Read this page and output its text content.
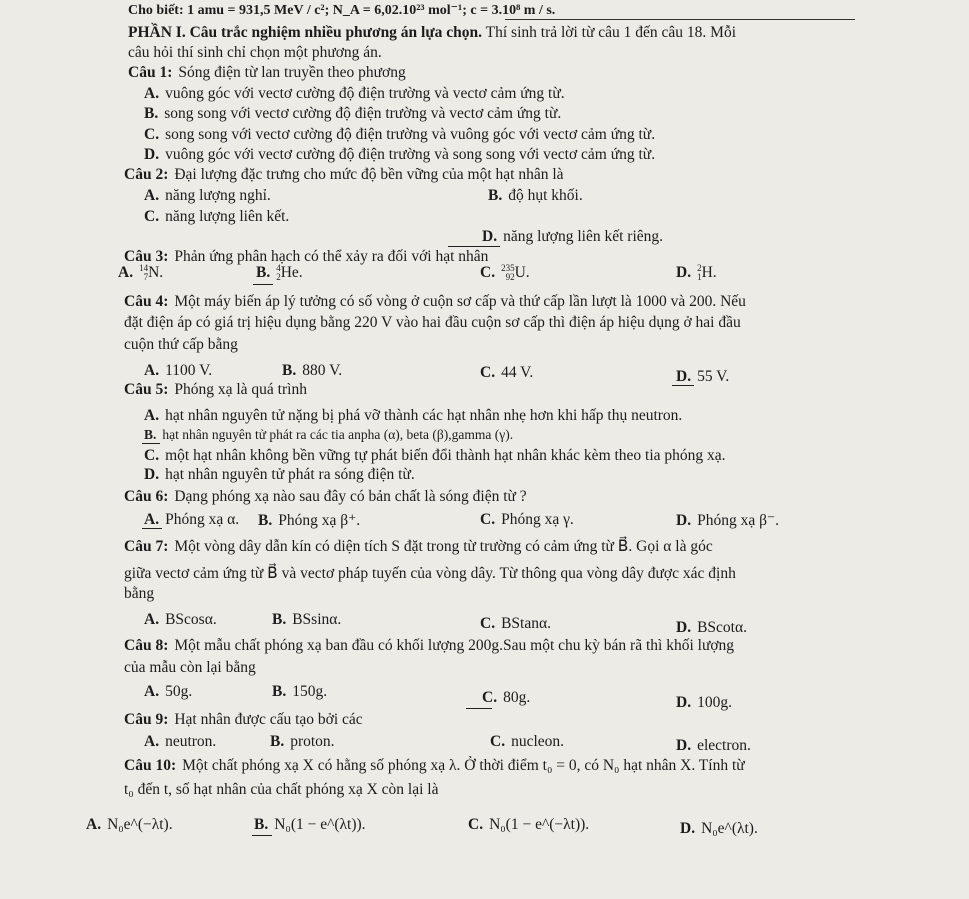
Cho biết: 1 amu = 931,5 MeV / c²; N_A = 6,02.10²³ mol⁻¹; c = 3.10⁸ m / s.
PHẦN I. Câu trắc nghiệm nhiều phương án lựa chọn. Thí sinh trả lời từ câu 1 đến câu 18. Mỗi
câu hỏi thí sinh chỉ chọn một phương án.
Câu 1: Sóng điện từ lan truyền theo phương
A. vuông góc với vectơ cường độ điện trường và vectơ cảm ứng từ.
B. song song với vectơ cường độ điện trường và vectơ cảm ứng từ.
C. song song với vectơ cường độ điện trường và vuông góc với vectơ cảm ứng từ.
D. vuông góc với vectơ cường độ điện trường và song song với vectơ cảm ứng từ.
Câu 2: Đại lượng đặc trưng cho mức độ bền vững của một hạt nhân là
A. năng lượng nghỉ.	B. độ hụt khối.
C. năng lượng liên kết.
D. năng lượng liên kết riêng.
Câu 3: Phản ứng phân hạch có thể xảy ra đối với hạt nhân
A. 14
7N.	B. 4
2He.	C. 235
92U.	D. 2
1H.
Câu 4: Một máy biến áp lý tưởng có số vòng ở cuộn sơ cấp và thứ cấp lần lượt là 1000 và 200. Nếu
đặt điện áp có giá trị hiệu dụng bằng 220 V vào hai đầu cuộn sơ cấp thì điện áp hiệu dụng ở hai đầu
cuộn thứ cấp bằng
A. 1100 V.	B. 880 V.	C. 44 V.	D. 55 V.
Câu 5: Phóng xạ là quá trình
A. hạt nhân nguyên tử nặng bị phá vỡ thành các hạt nhân nhẹ hơn khi hấp thụ neutron.
B. hạt nhân nguyên tử phát ra các tia anpha (α), beta (β),gamma (γ).
C. một hạt nhân không bền vững tự phát biến đổi thành hạt nhân khác kèm theo tia phóng xạ.
D. hạt nhân nguyên tử phát ra sóng điện từ.
Câu 6: Dạng phóng xạ nào sau đây có bản chất là sóng điện từ ?
A. Phóng xạ α. B. Phóng xạ β⁺.	C. Phóng xạ γ.	D. Phóng xạ β⁻.
Câu 7: Một vòng dây dẫn kín có diện tích S đặt trong từ trường có cảm ứng từ B⃗. Gọi α là góc
giữa vectơ cảm ứng từ B⃗ và vectơ pháp tuyến của vòng dây. Từ thông qua vòng dây được xác định
bằng
A. BScosα.	B. BSsinα.	C. BStanα.	D. BScotα.
Câu 8: Một mẫu chất phóng xạ ban đầu có khối lượng 200g.Sau một chu kỳ bán rã thì khối lượng
của mẫu còn lại bằng
A. 50g.	B. 150g.	C. 80g.	D. 100g.
Câu 9: Hạt nhân được cấu tạo bởi các
A. neutron.	B. proton.	C. nucleon.	D. electron.
Câu 10: Một chất phóng xạ X có hằng số phóng xạ λ. Ở thời điểm t₀ = 0, có N₀ hạt nhân X. Tính từ
t₀ đến t, số hạt nhân của chất phóng xạ X còn lại là
A. N₀e^(−λt).	B. N₀(1 − e^(λt)).	C. N₀(1 − e^(−λt)).	D. N₀e^(λt).
